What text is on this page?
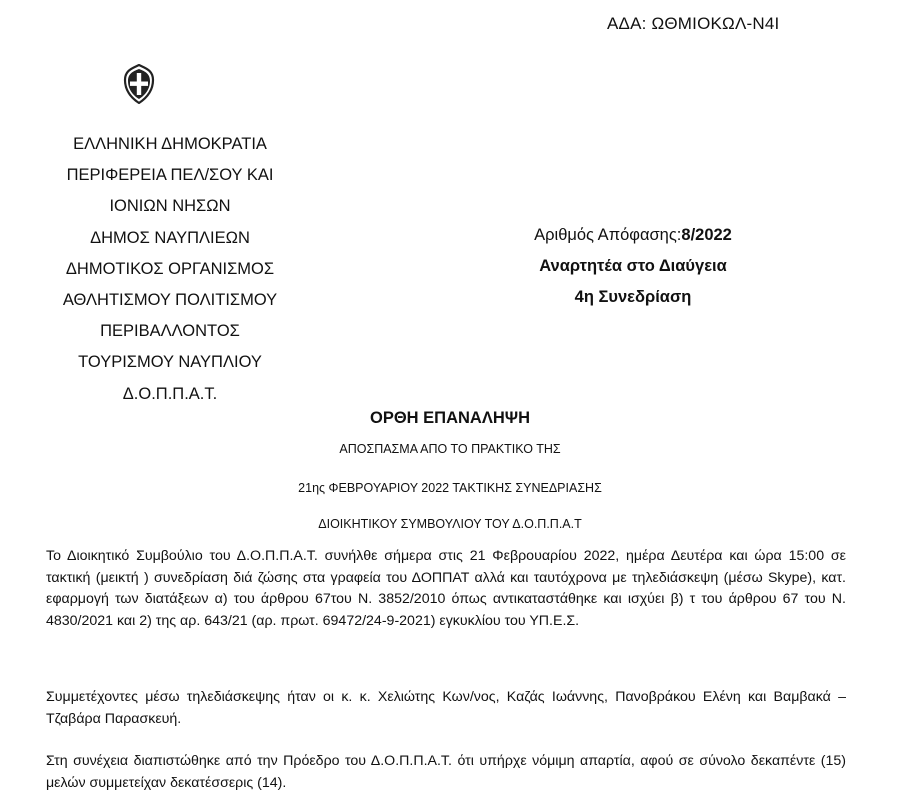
ΑΔΑ: ΩΘΜΙΟΚΩΛ-Ν4Ι
ΕΛΛΗΝΙΚΗ ΔΗΜΟΚΡΑΤΙΑ
ΠΕΡΙΦΕΡΕΙΑ ΠΕΛ/ΣΟΥ ΚΑΙ
ΙΟΝΙΩΝ ΝΗΣΩΝ
ΔΗΜΟΣ ΝΑΥΠΛΙΕΩΝ
ΔΗΜΟΤΙΚΟΣ ΟΡΓΑΝΙΣΜΟΣ
ΑΘΛΗΤΙΣΜΟΥ ΠΟΛΙΤΙΣΜΟΥ
ΠΕΡΙΒΑΛΛΟΝΤΟΣ
ΤΟΥΡΙΣΜΟΥ ΝΑΥΠΛΙΟΥ
Δ.Ο.Π.Π.Α.Τ.
Αριθμός Απόφασης:8/2022
Αναρτητέα στο Διαύγεια
4η Συνεδρίαση
ΟΡΘΗ ΕΠΑΝΑΛΗΨΗ
ΑΠΟΣΠΑΣΜΑ ΑΠΟ ΤΟ ΠΡΑΚΤΙΚΟ ΤΗΣ
21ης ΦΕΒΡΟΥΑΡΙΟΥ 2022 ΤΑΚΤΙΚΗΣ ΣΥΝΕΔΡΙΑΣΗΣ
ΔΙΟΙΚΗΤΙΚΟΥ ΣΥΜΒΟΥΛΙΟΥ ΤΟΥ Δ.Ο.Π.Π.Α.Τ
Το Διοικητικό Συμβούλιο του Δ.Ο.Π.Π.Α.Τ. συνήλθε σήμερα στις 21 Φεβρουαρίου 2022, ημέρα Δευτέρα και ώρα 15:00 σε τακτική (μεικτή ) συνεδρίαση διά ζώσης στα γραφεία του ΔΟΠΠΑΤ αλλά και ταυτόχρονα με τηλεδιάσκεψη (μέσω Skype), κατ. εφαρμογή των διατάξεων α) του άρθρου 67του Ν. 3852/2010 όπως αντικαταστάθηκε και ισχύει β) τ του άρθρου 67 του Ν. 4830/2021 και 2) της αρ. 643/21 (αρ. πρωτ. 69472/24-9-2021) εγκυκλίου του ΥΠ.Ε.Σ.
Συμμετέχοντες μέσω τηλεδιάσκεψης ήταν οι κ. κ. Χελιώτης Κων/νος, Καζάς Ιωάννης, Πανοβράκου Ελένη και Βαμβακά – Τζαβάρα Παρασκευή.
Στη συνέχεια διαπιστώθηκε από την Πρόεδρο του Δ.Ο.Π.Π.Α.Τ. ότι υπήρχε νόμιμη απαρτία, αφού σε σύνολο δεκαπέντε (15) μελών συμμετείχαν δεκατέσσερις (14).
